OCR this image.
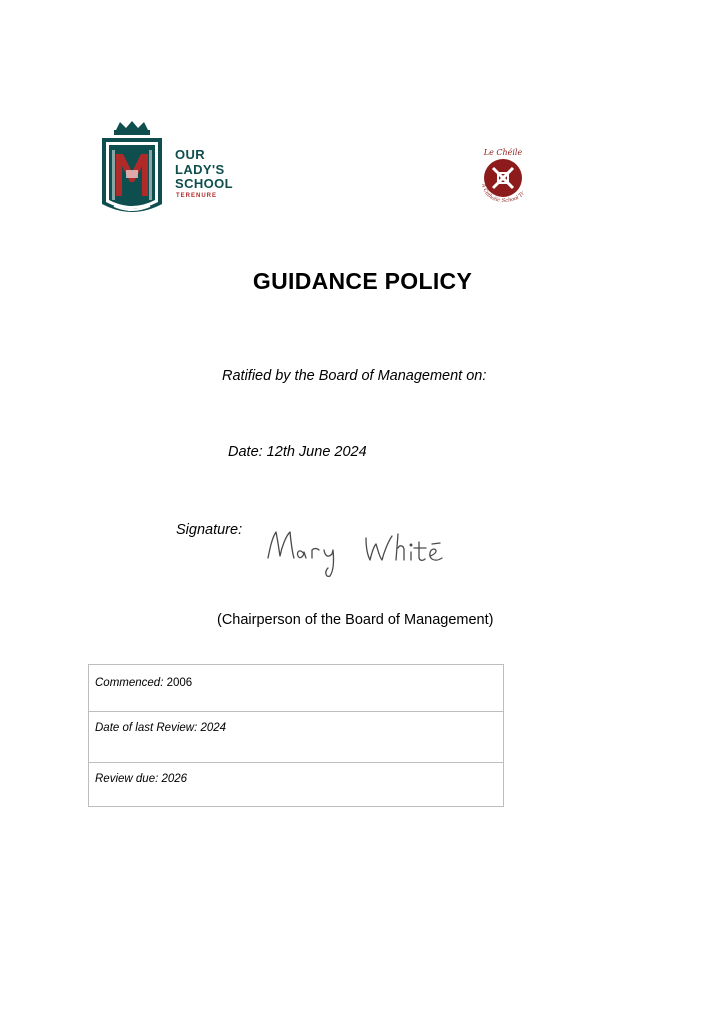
OUR
LADY'S
SCHOOL
TERENURE
Le Chéile
A Catholic School Tr
GUIDANCE POLICY
Ratified by the Board of Management on:
Date: 12th June 2024
Signature:
(Chairperson of the Board of Management)
Commenced: 2006
Date of last Review: 2024
Review due: 2026
